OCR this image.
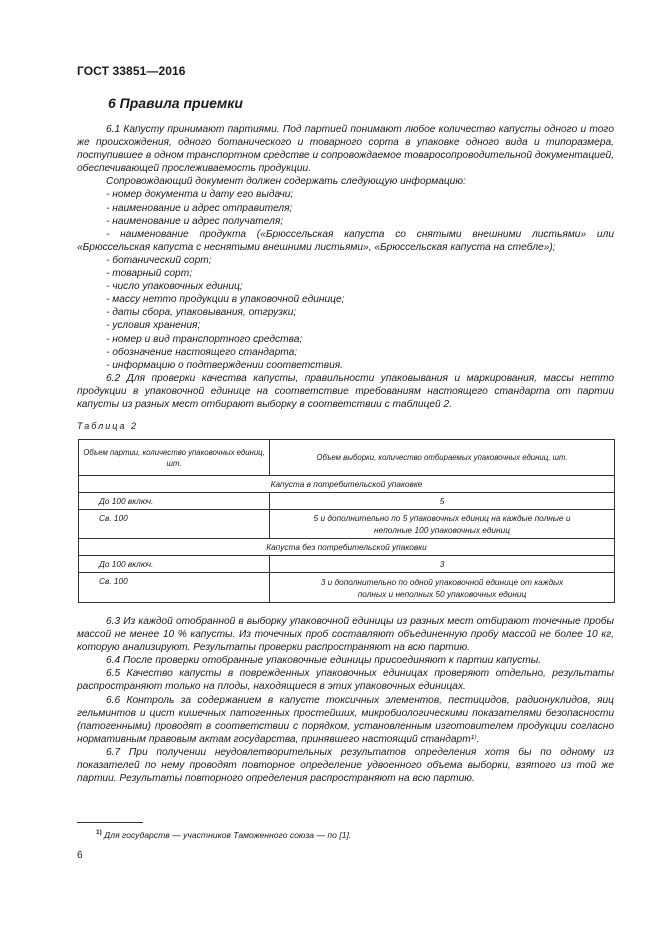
ГОСТ 33851—2016
6 Правила приемки

6.1 Капусту принимают партиями. Под партией понимают любое количество капусты одного и того же происхождения, одного ботанического и товарного сорта в упаковке одного вида и типоразмера, поступившее в одном транспортном средстве и сопровождаемое товаросопроводительной документацией, обеспечивающей прослеживаемость продукции.

Сопровождающий документ должен содержать следующую информацию:

- номер документа и дату его выдачи;

- наименование и адрес отправителя;

- наименование и адрес получателя;

- наименование продукта («Брюссельская капуста со снятыми внешними листьями» или «Брюссельская капуста с неснятыми внешними листьями», «Брюссельская капуста на стебле»);

- ботанический сорт;

- товарный сорт;

- число упаковочных единиц;

- массу нетто продукции в упаковочной единице;

- даты сбора, упаковывания, отгрузки;

- условия хранения;

- номер и вид транспортного средства;

- обозначение настоящего стандарта;

- информацию о подтверждении соответствия.

6.2 Для проверки качества капусты, правильности упаковывания и маркирования, массы нетто продукции в упаковочной единице на соответствие требованиям настоящего стандарта от партии капусты из разных мест отбирают выборку в соответствии с таблицей 2.

Таблица 2
Объем партии, количество упаковочных единиц, шт.	Объем выборки, количество отбираемых упаковочных единиц, шт.
Капуста в потребительской упаковке	
До 100 включ.	5
Св. 100	5 и дополнительно по 5 упаковочных единиц на каждые полные и неполные 100 упаковочных единиц
Капуста без потребительской упаковки	
До 100 включ.	3
Св. 100	3 и дополнительно по одной упаковочной единице от каждых полных и неполных 50 упаковочных единиц

6.3 Из каждой отобранной в выборку упаковочной единицы из разных мест отбирают точечные пробы массой не менее 10 % капусты. Из точечных проб составляют объединенную пробу массой не более 10 кг, которую анализируют. Результаты проверки распространяют на всю партию.

6.4 После проверки отобранные упаковочные единицы присоединяют к партии капусты.

6.5 Качество капусты в поврежденных упаковочных единицах проверяют отдельно, результаты распространяют только на плоды, находящиеся в этих упаковочных единицах.

6.6 Контроль за содержанием в капусте токсичных элементов, пестицидов, радионуклидов, яиц гельминтов и цист кишечных патогенных простейших, микробиологическими показателями безопасности (патогенными) проводят в соответствии с порядком, установленным изготовителем продукции согласно нормативным правовым актам государства, принявшего настоящий стандарт¹⁾.

6.7 При получении неудовлетворительных результатов определения хотя бы по одному из показателей по нему проводят повторное определение удвоенного объема выборки, взятого из той же партии. Результаты повторного определения распространяют на всю партию.

$^{1)}$ Для государств — участников Таможенного союза — по [1].
6
